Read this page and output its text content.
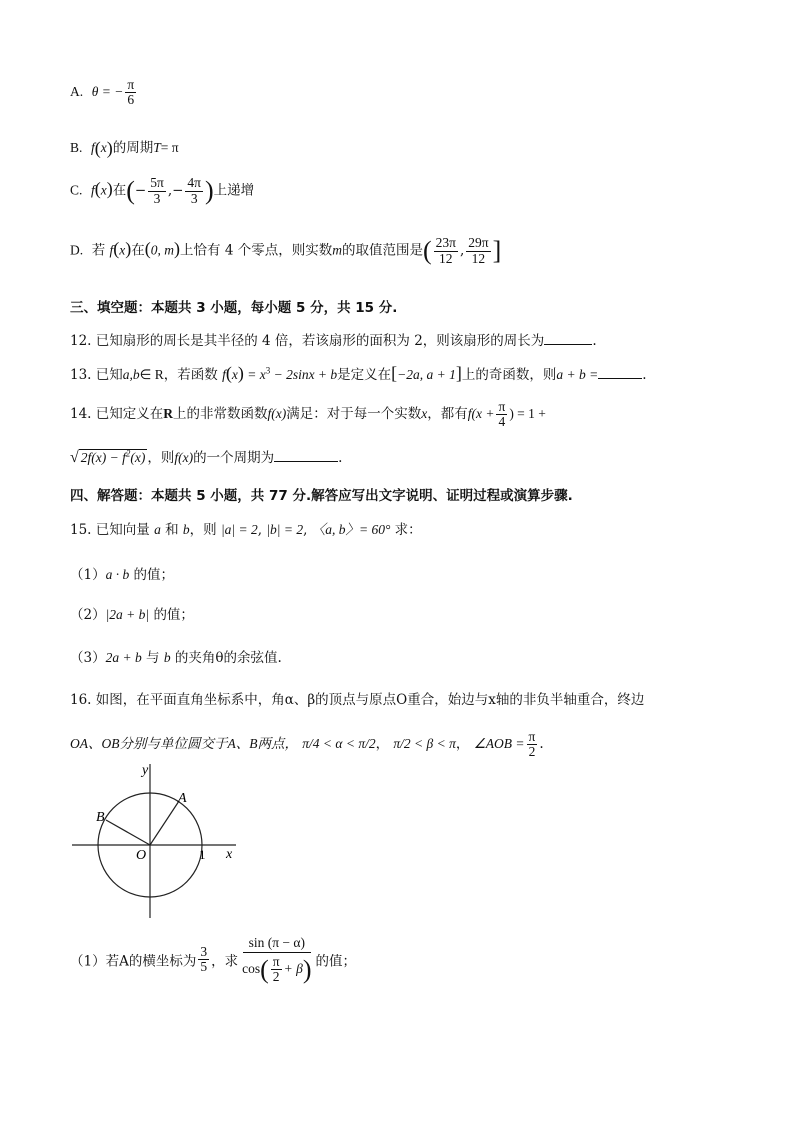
A. θ = − $\frac{\pi}{6}$
B. f(x)的周期T= π
C. f(x)在(− $\frac{5\pi}{3}$ ,− $\frac{4\pi}{3}$ )上递增
D. 若 f(x)在(0, m)上恰有 4 个零点，则实数m的取值范围是( $\frac{23\pi}{12}$ , $\frac{29\pi}{12}$ ]
三、填空题：本题共 3 小题，每小题 5 分，共 15 分.
12. 已知扇形的周长是其半径的 4 倍，若该扇形的面积为 2，则该扇形的周长为	.
13. 已知a,b∈ R，若函数 $f(x) = x^3 - 2\sin x + b$是定义在[−2a, a + 1]上的奇函数，则a + b =	.
14. 已知定义在R上的非常数函数f(x)满足：对于每一个实数x，都有$f(x + \frac{\pi}{4}$ ) = 1 +
√ $2f(x) - f^2(x)$ ，则f(x)的一个周期为	.
四、解答题：本题共 5 小题，共 77 分.解答应写出文字说明、证明过程或演算步骤.
15. 已知向量 a 和 b，则 |a| = 2, |b| = 2, 〈a, b〉= 60° 求：
（1）a · b 的值；
（2）|2a + b| 的值；
（3）2a + b 与 b 的夹角θ的余弦值.
16. 如图，在平面直角坐标系中，角α、β的顶点与原点O重合，始边与x轴的非负半轴重合，终边
OA、OB分别与单位圆交于A、B两点， π/4 < α < π/2， π/2 < β < π， ∠AOB = $\frac{\pi}{2}$ .
y
x
O
A
B
1
（1）若A的横坐标为 $\frac{3}{5}$ ，求 $\frac{\sin (\pi - \alpha)}{\cos( \frac{\pi}{2} + \beta)}$ 的值；
